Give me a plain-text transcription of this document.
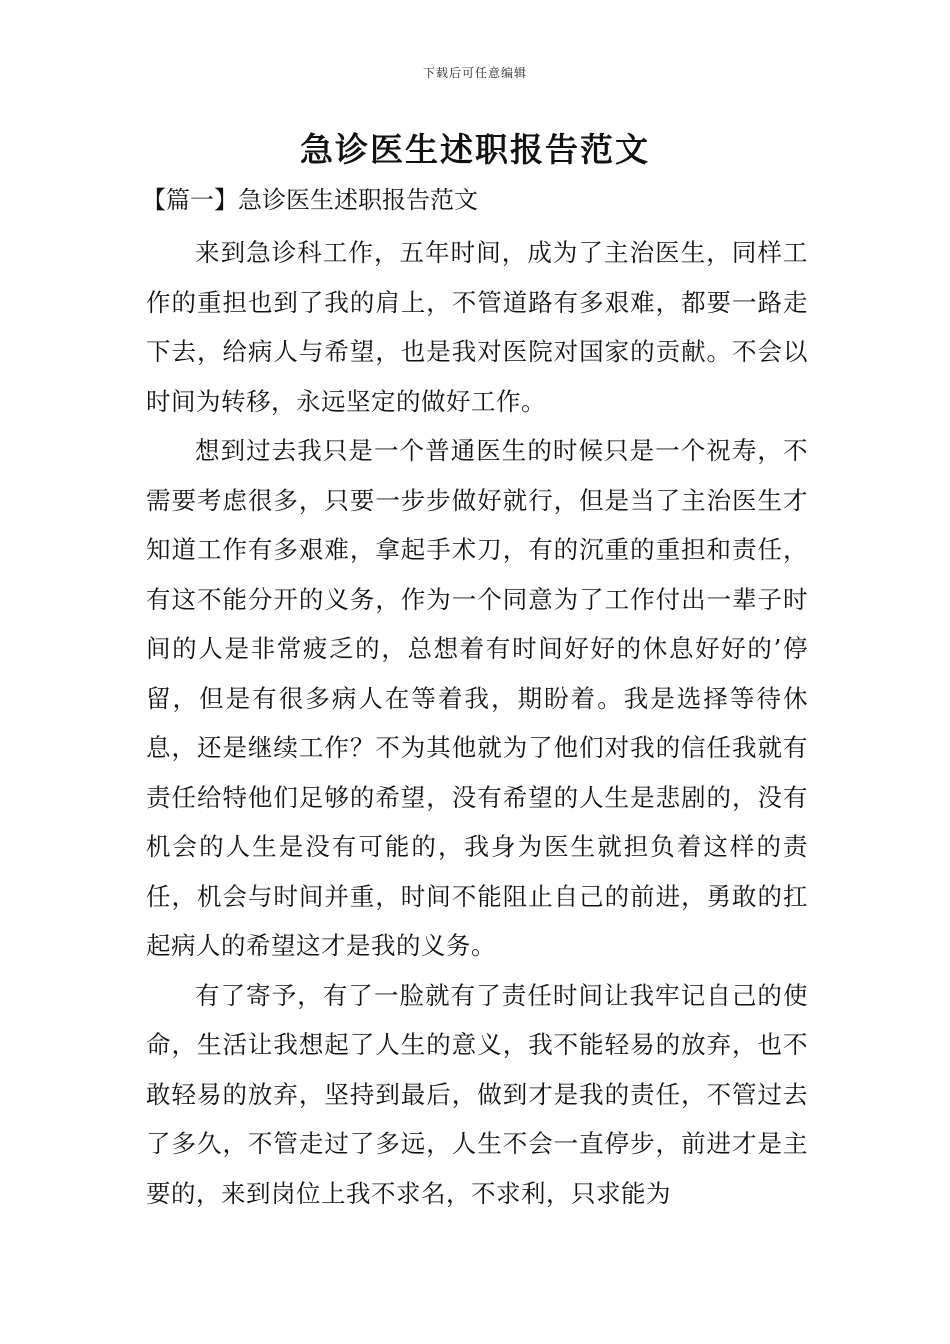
下载后可任意编辑
急诊医生述职报告范文
【篇一】急诊医生述职报告范文

来到急诊科工作，五年时间，成为了主治医生，同样工作的重担也到了我的肩上，不管道路有多艰难，都要一路走下去，给病人与希望，也是我对医院对国家的贡献。不会以时间为转移，永远坚定的做好工作。

想到过去我只是一个普通医生的时候只是一个祝寿，不需要考虑很多，只要一步步做好就行，但是当了主治医生才知道工作有多艰难，拿起手术刀，有的沉重的重担和责任，有这不能分开的义务，作为一个同意为了工作付出一辈子时间的人是非常疲乏的，总想着有时间好好的休息好好的’停留，但是有很多病人在等着我，期盼着。我是选择等待休息，还是继续工作？不为其他就为了他们对我的信任我就有责任给特他们足够的希望，没有希望的人生是悲剧的，没有机会的人生是没有可能的，我身为医生就担负着这样的责任，机会与时间并重，时间不能阻止自己的前进，勇敢的扛起病人的希望这才是我的义务。

有了寄予，有了一脸就有了责任时间让我牢记自己的使命，生活让我想起了人生的意义，我不能轻易的放弃，也不敢轻易的放弃，坚持到最后，做到才是我的责任，不管过去了多久，不管走过了多远，人生不会一直停步，前进才是主要的，来到岗位上我不求名，不求利，只求能为
